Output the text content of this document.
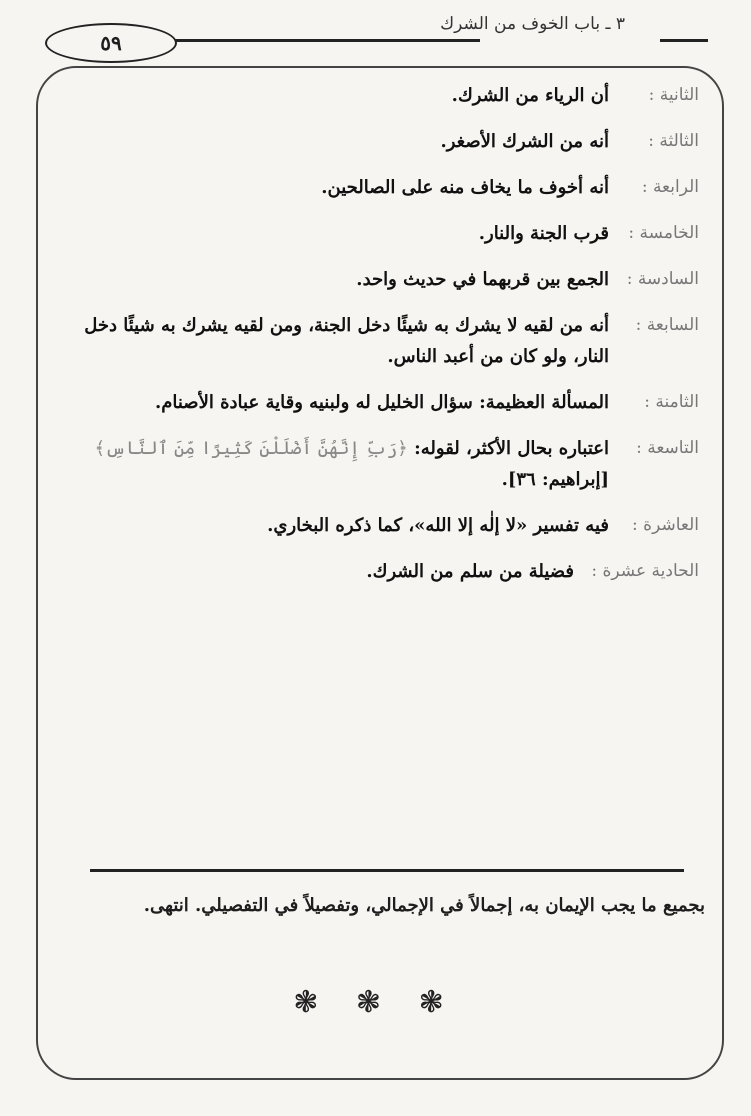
٣ ـ باب الخوف من الشرك
٥٩
الثانية :
أن الرياء من الشرك.
الثالثة :
أنه من الشرك الأصغر.
الرابعة :
أنه أخوف ما يخاف منه على الصالحين.
الخامسة :
قرب الجنة والنار.
السادسة :
الجمع بين قربهما في حديث واحد.
السابعة :
أنه من لقيه لا يشرك به شيئًا دخل الجنة، ومن لقيه يشرك به شيئًا دخل النار، ولو كان من أعبد الناس.
الثامنة :
المسألة العظيمة: سؤال الخليل له ولبنيه وقاية عبادة الأصنام.
التاسعة :
اعتباره بحال الأكثر، لقوله: ﴿رَبِّ إِنَّهُنَّ أَضْلَلْنَ كَثِيرًا مِّنَ ٱلنَّاسِ﴾ [إبراهيم: ٣٦].
العاشرة :
فيه تفسير «لا إلٰه إلا الله»، كما ذكره البخاري.
الحادية عشرة :
فضيلة من سلم من الشرك.
بجميع ما يجب الإيمان به، إجمالاً في الإجمالي، وتفصيلاً في التفصيلي. انتهى.
❃ ❃ ❃
